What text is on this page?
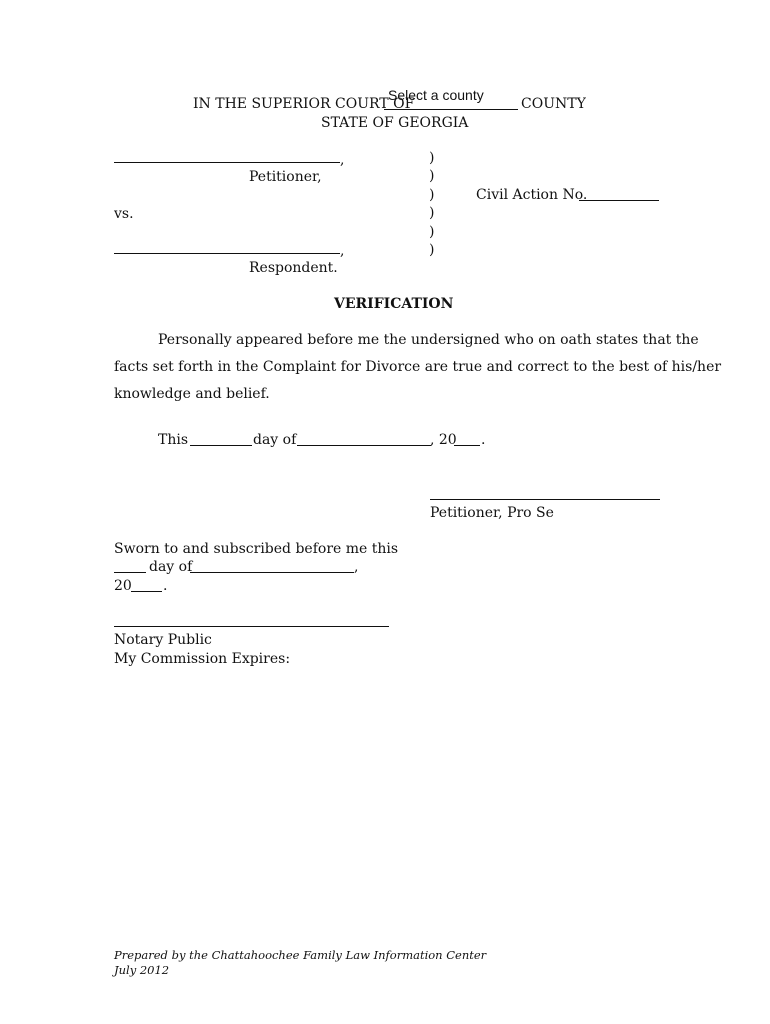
IN THE SUPERIOR COURT OF
Select a county
COUNTY
STATE OF GEORGIA
,
Petitioner,
vs.
,
Respondent.
)
)
)
)
)
)
Civil Action No.
VERIFICATION
Personally appeared before me the undersigned who on oath states that the
facts set forth in the Complaint for Divorce are true and correct to the best of his/her
knowledge and belief.
This	day of	, 20 .
Petitioner, Pro Se
Sworn to and subscribed before me this
day of	,
20 .
Notary Public
My Commission Expires:
Prepared by the Chattahoochee Family Law Information Center
July 2012
